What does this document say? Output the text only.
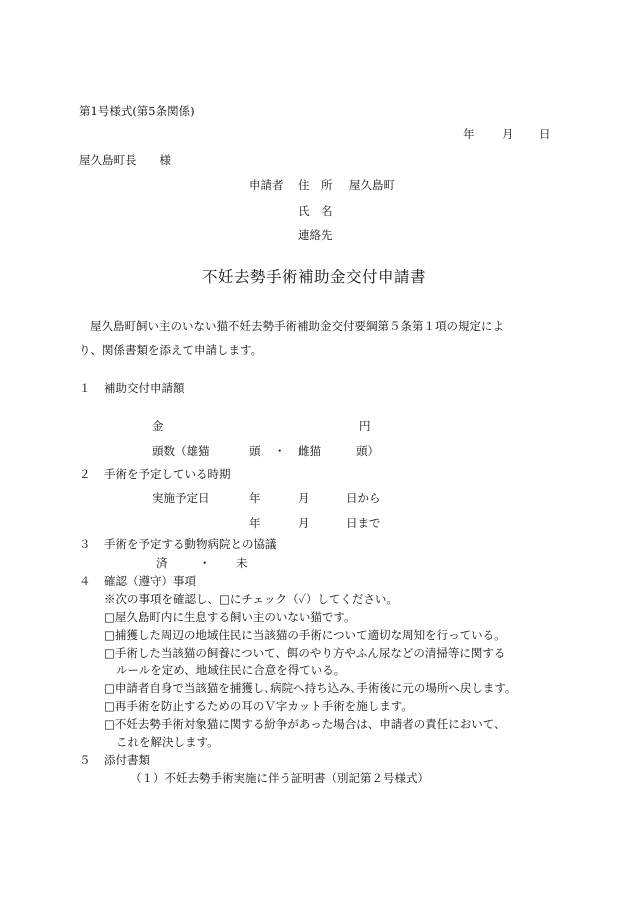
第1号様式(第5条関係)
年 月 日
屋久島町長　　様
申請者 住　所 屋久島町
氏　名
連絡先
不妊去勢手術補助金交付申請書
屋久島町飼い主のいない猫不妊去勢手術補助金交付要綱第５条第１項の規定によ
り、関係書類を添えて申請します。
１ 補助交付申請額
金	円
頭数（雄猫	頭 ・ 雌猫	頭）
２ 手術を予定している時期
実施予定日	年	月	日から
年	月	日まで
３ 手術を予定する動物病院との協議
済	・ 未
４ 確認（遵守）事項
※次の事項を確認し、□にチェック（✓）してください。
□屋久島町内に生息する飼い主のいない猫です。
□捕獲した周辺の地域住民に当該猫の手術について適切な周知を行っている。
□手術した当該猫の飼養について、餌のやり方やふん尿などの清掃等に関する
ルールを定め、地域住民に合意を得ている。
□申請者自身で当該猫を捕獲し､病院へ持ち込み､手術後に元の場所へ戻します。
□再手術を防止するための耳のＶ字カット手術を施します。
□不妊去勢手術対象猫に関する紛争があった場合は、申請者の責任において、
これを解決します。
５ 添付書類
（１）不妊去勢手術実施に伴う証明書（別記第２号様式）
